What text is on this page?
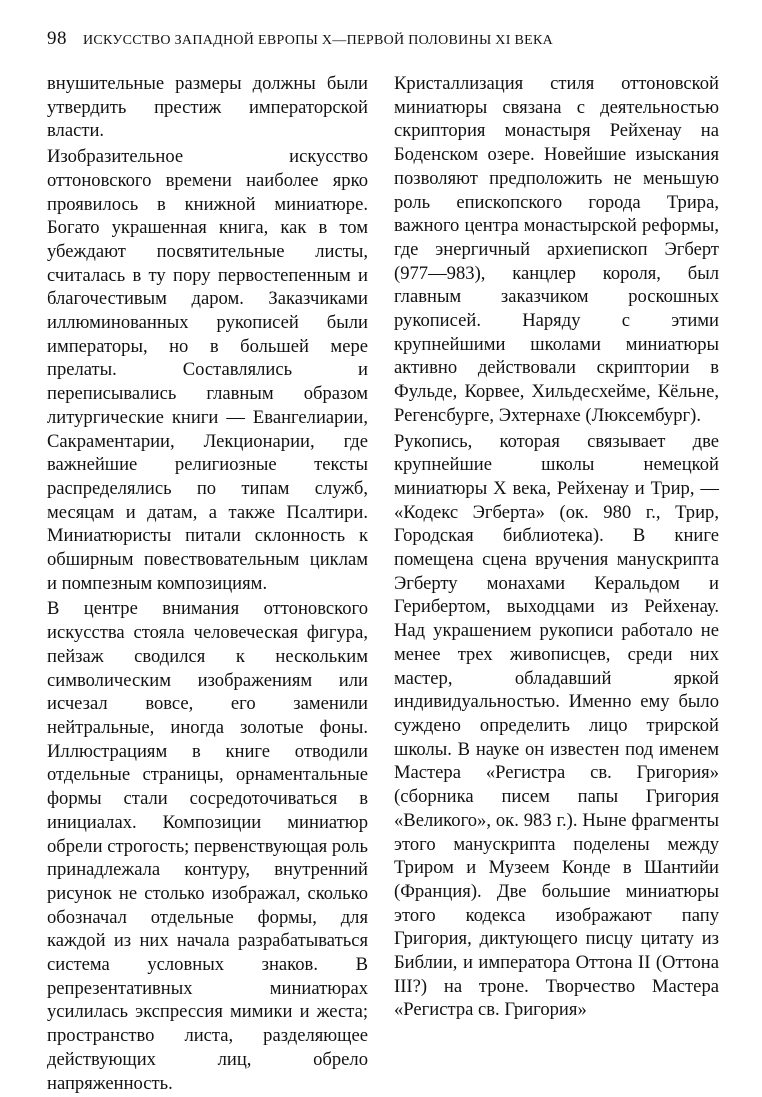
98 ИСКУССТВО ЗАПАДНОЙ ЕВРОПЫ X—ПЕРВОЙ ПОЛОВИНЫ XI ВЕКА

внушительные размеры должны были утвердить престиж императорской власти.

Изобразительное искусство оттоновского времени наиболее ярко проявилось в книжной миниатюре. Богато украшенная книга, как в том убеждают посвятительные листы, считалась в ту пору первостепенным и благочестивым даром. Заказчиками иллюминованных рукописей были императоры, но в большей мере прелаты. Составлялись и переписывались главным образом литургические книги — Евангелиарии, Сакраментарии, Лекционарии, где важнейшие религиозные тексты распределялись по типам служб, месяцам и датам, а также Псалтири. Миниатюристы питали склонность к обширным повествовательным циклам и помпезным композициям.

В центре внимания оттоновского искусства стояла человеческая фигура, пейзаж сводился к нескольким символическим изображениям или исчезал вовсе, его заменили нейтральные, иногда золотые фоны. Иллюстрациям в книге отводили отдельные страницы, орнаментальные формы стали сосредоточиваться в инициалах. Композиции миниатюр обрели строгость; первенствующая роль принадлежала контуру, внутренний рисунок не столько изображал, сколько обозначал отдельные формы, для каждой из них начала разрабатываться система условных знаков. В репрезентативных миниатюрах усилилась экспрессия мимики и жеста; пространство листа, разделяющее действующих лиц, обрело напряженность.

Кристаллизация стиля оттоновской миниатюры связана с деятельностью скриптория монастыря Рейхенау на Боденском озере. Новейшие изыскания позволяют предположить не меньшую роль епископского города Трира, важного центра монастырской реформы, где энергичный архиепископ Эгберт (977—983), канцлер короля, был главным заказчиком роскошных рукописей. Наряду с этими крупнейшими школами миниатюры активно действовали скриптории в Фульде, Корвее, Хильдесхейме, Кёльне, Регенсбурге, Эхтернахе (Люксембург).

Рукопись, которая связывает две крупнейшие школы немецкой миниатюры X века, Рейхенау и Трир, — «Кодекс Эгберта» (ок. 980 г., Трир, Городская библиотека). В книге помещена сцена вручения манускрипта Эгберту монахами Керальдом и Герибертом, выходцами из Рейхенау. Над украшением рукописи работало не менее трех живописцев, среди них мастер, обладавший яркой индивидуальностью. Именно ему было суждено определить лицо трирской школы. В науке он известен под именем Мастера «Регистра св. Григория» (сборника писем папы Григория «Великого», ок. 983 г.). Ныне фрагменты этого манускрипта поделены между Триром и Музеем Конде в Шантийи (Франция). Две большие миниатюры этого кодекса изображают папу Григория, диктующего писцу цитату из Библии, и императора Оттона II (Оттона III?) на троне. Творчество Мастера «Регистра св. Григория»
